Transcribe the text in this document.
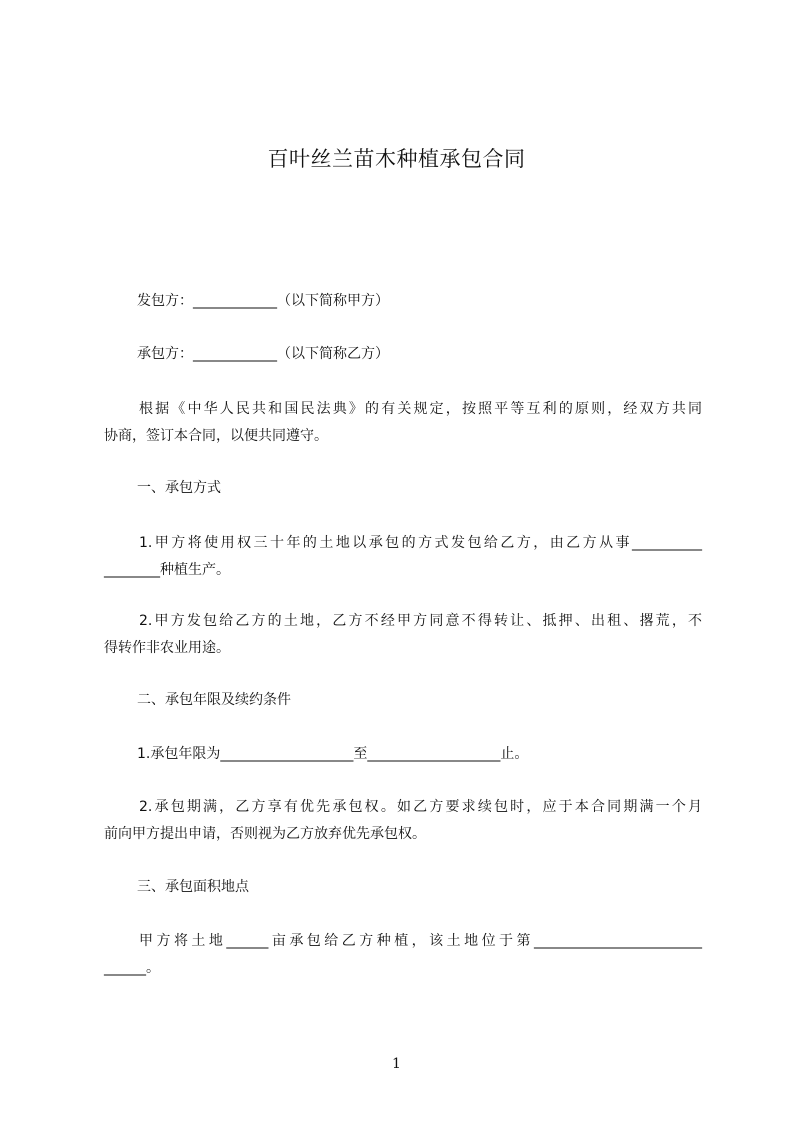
百叶丝兰苗木种植承包合同
发包方：____________（以下简称甲方）
承包方：____________（以下简称乙方）
根据《中华人民共和国民法典》的有关规定，按照平等互利的原则，经双方共同
协商，签订本合同，以便共同遵守。
一、承包方式
1.甲方将使用权三十年的土地以承包的方式发包给乙方，由乙方从事__________
________种植生产。
2.甲方发包给乙方的土地，乙方不经甲方同意不得转让、抵押、出租、撂荒，不
得转作非农业用途。
二、承包年限及续约条件
1.承包年限为___________________至___________________止。
2.承包期满，乙方享有优先承包权。如乙方要求续包时，应于本合同期满一个月
前向甲方提出申请，否则视为乙方放弃优先承包权。
三、承包面积地点
甲方将土地______亩承包给乙方种植，该土地位于第________________________
______。
1
